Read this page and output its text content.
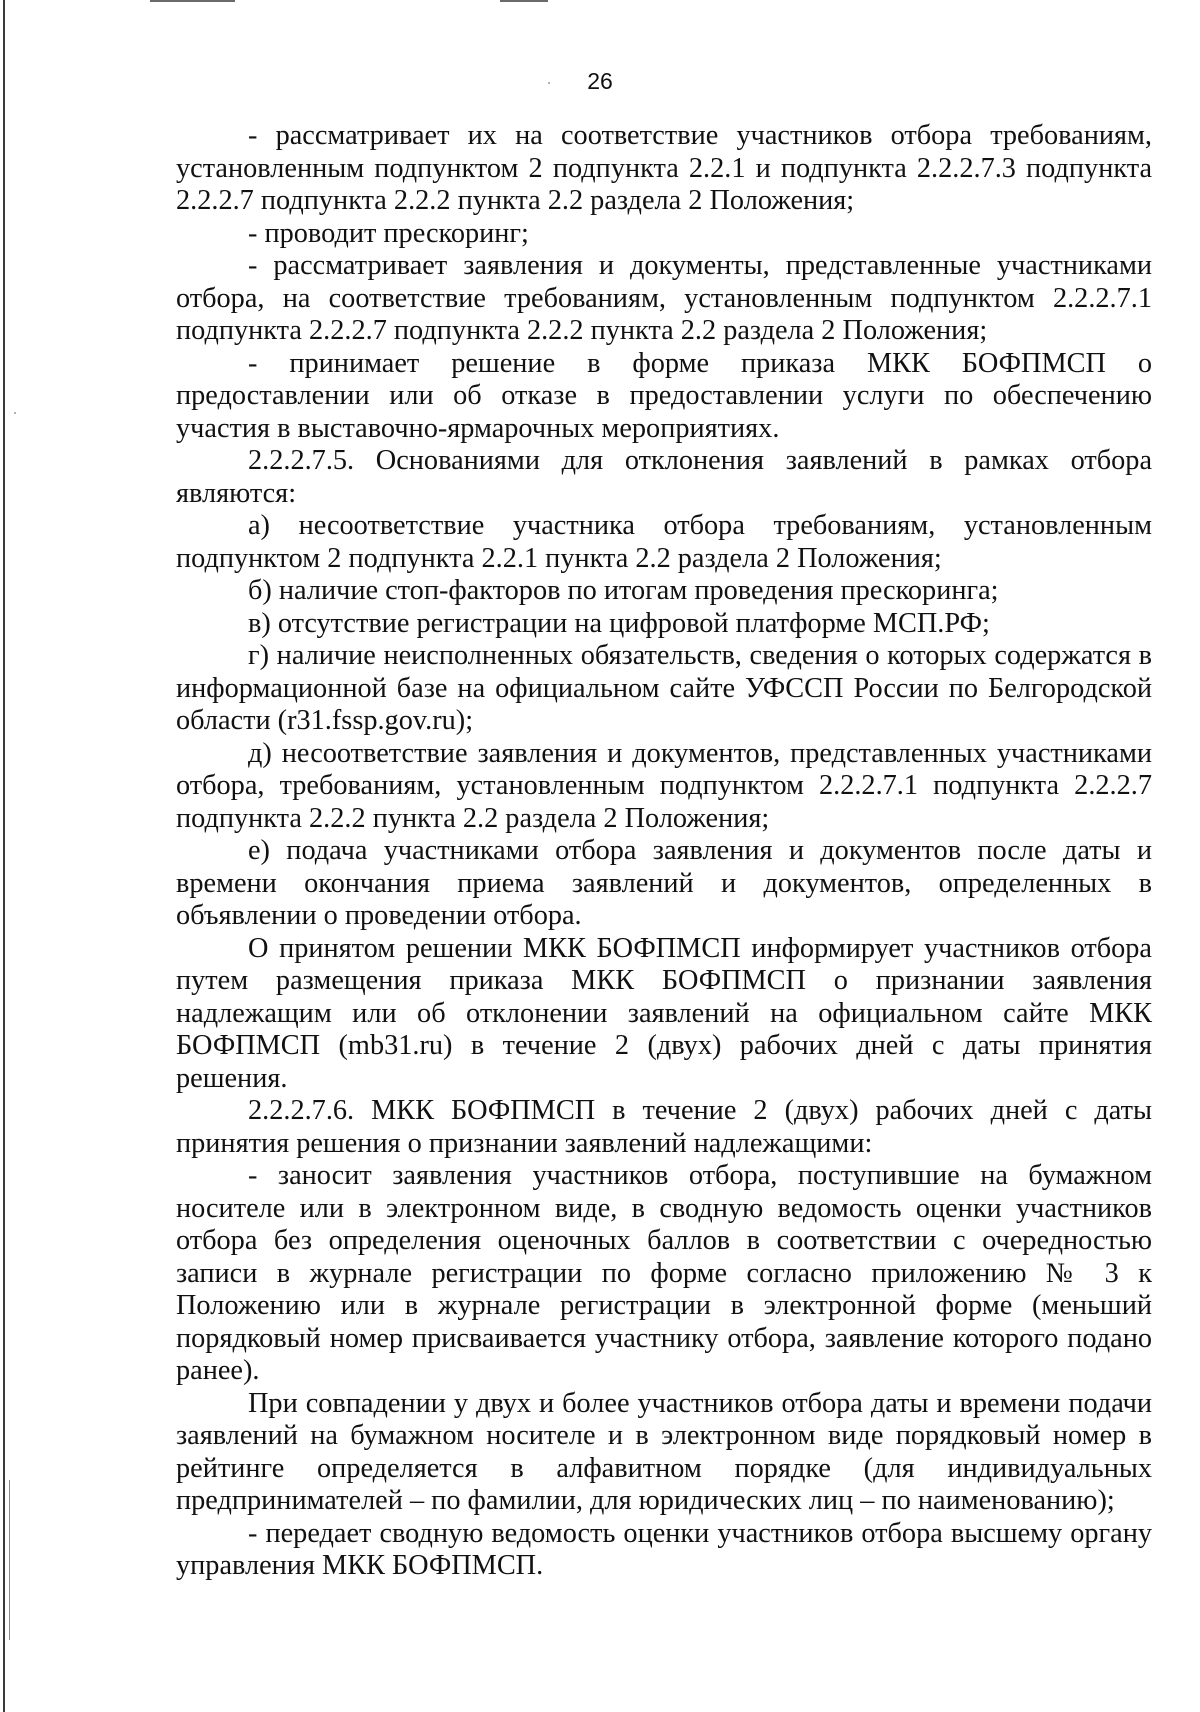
26

- рассматривает их на соответствие участников отбора требованиям, установленным подпунктом 2 подпункта 2.2.1 и подпункта 2.2.2.7.3 подпункта 2.2.2.7 подпункта 2.2.2 пункта 2.2 раздела 2 Положения;

- проводит прескоринг;

- рассматривает заявления и документы, представленные участниками отбора, на соответствие требованиям, установленным подпунктом 2.2.2.7.1 подпункта 2.2.2.7 подпункта 2.2.2 пункта 2.2 раздела 2 Положения;

- принимает решение в форме приказа МКК БОФПМСП о предоставлении или об отказе в предоставлении услуги по обеспечению участия в выставочно-ярмарочных мероприятиях.

2.2.2.7.5. Основаниями для отклонения заявлений в рамках отбора являются:

а) несоответствие участника отбора требованиям, установленным подпунктом 2 подпункта 2.2.1 пункта 2.2 раздела 2 Положения;

б) наличие стоп-факторов по итогам проведения прескоринга;

в) отсутствие регистрации на цифровой платформе МСП.РФ;

г) наличие неисполненных обязательств, сведения о которых содержатся в информационной базе на официальном сайте УФССП России по Белгородской области (r31.fssp.gov.ru);

д) несоответствие заявления и документов, представленных участниками отбора, требованиям, установленным подпунктом 2.2.2.7.1 подпункта 2.2.2.7 подпункта 2.2.2 пункта 2.2 раздела 2 Положения;

е) подача участниками отбора заявления и документов после даты и времени окончания приема заявлений и документов, определенных в объявлении о проведении отбора.

О принятом решении МКК БОФПМСП информирует участников отбора путем размещения приказа МКК БОФПМСП о признании заявления надлежащим или об отклонении заявлений на официальном сайте МКК БОФПМСП (mb31.ru) в течение 2 (двух) рабочих дней с даты принятия решения.

2.2.2.7.6. МКК БОФПМСП в течение 2 (двух) рабочих дней с даты принятия решения о признании заявлений надлежащими:

- заносит заявления участников отбора, поступившие на бумажном носителе или в электронном виде, в сводную ведомость оценки участников отбора без определения оценочных баллов в соответствии с очередностью записи в журнале регистрации по форме согласно приложению № 3 к Положению или в журнале регистрации в электронной форме (меньший порядковый номер присваивается участнику отбора, заявление которого подано ранее).

При совпадении у двух и более участников отбора даты и времени подачи заявлений на бумажном носителе и в электронном виде порядковый номер в рейтинге определяется в алфавитном порядке (для индивидуальных предпринимателей – по фамилии, для юридических лиц – по наименованию);

- передает сводную ведомость оценки участников отбора высшему органу управления МКК БОФПМСП.
